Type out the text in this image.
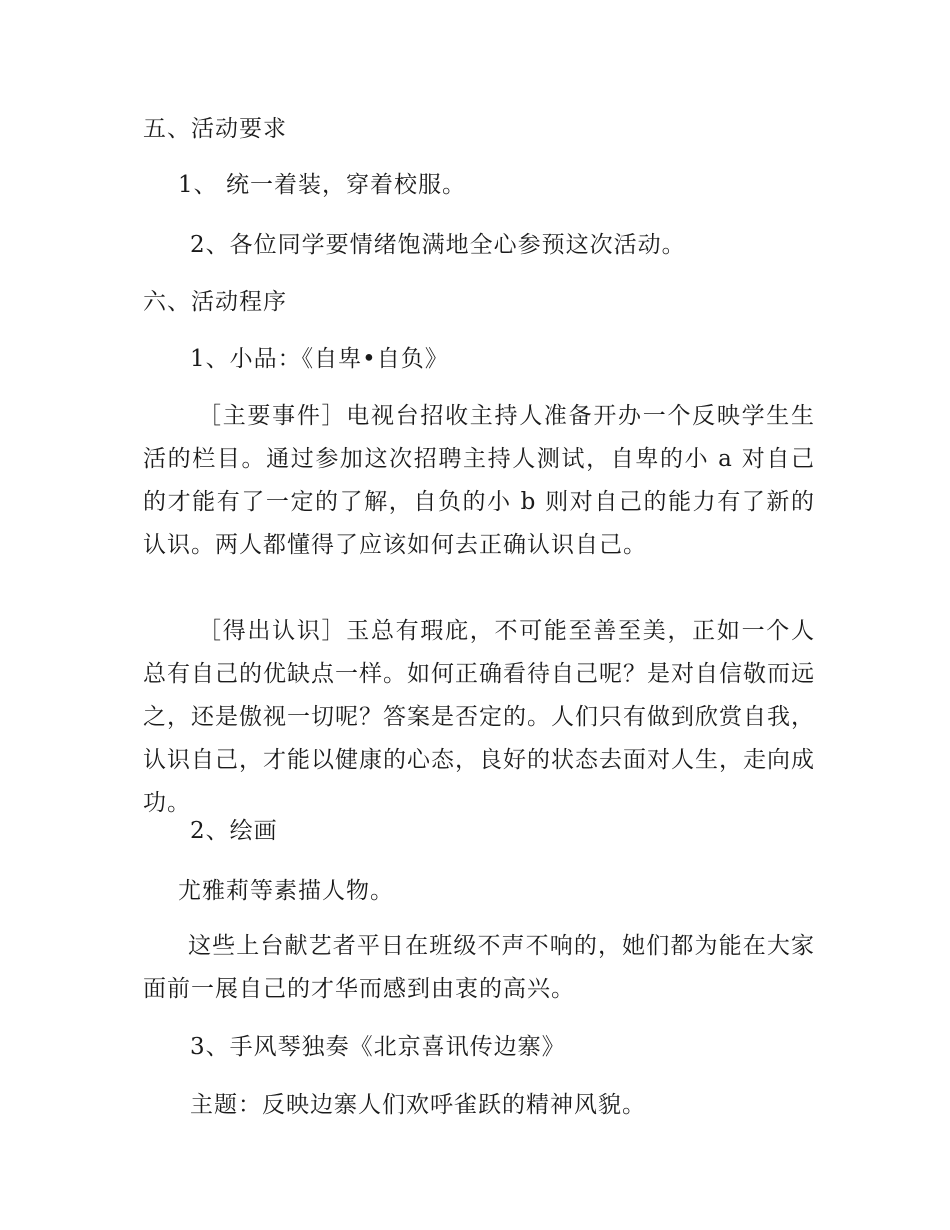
五、活动要求
1、 统一着装，穿着校服。
2、各位同学要情绪饱满地全心参预这次活动。
六、活动程序
1、小品：《自卑•自负》
［主要事件］电视台招收主持人准备开办一个反映学生生活的栏目。通过参加这次招聘主持人测试，自卑的小 a 对自己的才能有了一定的了解，自负的小 b 则对自己的能力有了新的认识。两人都懂得了应该如何去正确认识自己。
［得出认识］玉总有瑕庇，不可能至善至美，正如一个人总有自己的优缺点一样。如何正确看待自己呢？是对自信敬而远之，还是傲视一切呢？答案是否定的。人们只有做到欣赏自我，认识自己，才能以健康的心态，良好的状态去面对人生，走向成功。
2、绘画
尤雅莉等素描人物。
这些上台献艺者平日在班级不声不响的，她们都为能在大家面前一展自己的才华而感到由衷的高兴。
3、手风琴独奏《北京喜讯传边寨》
主题：反映边寨人们欢呼雀跃的精神风貌。
